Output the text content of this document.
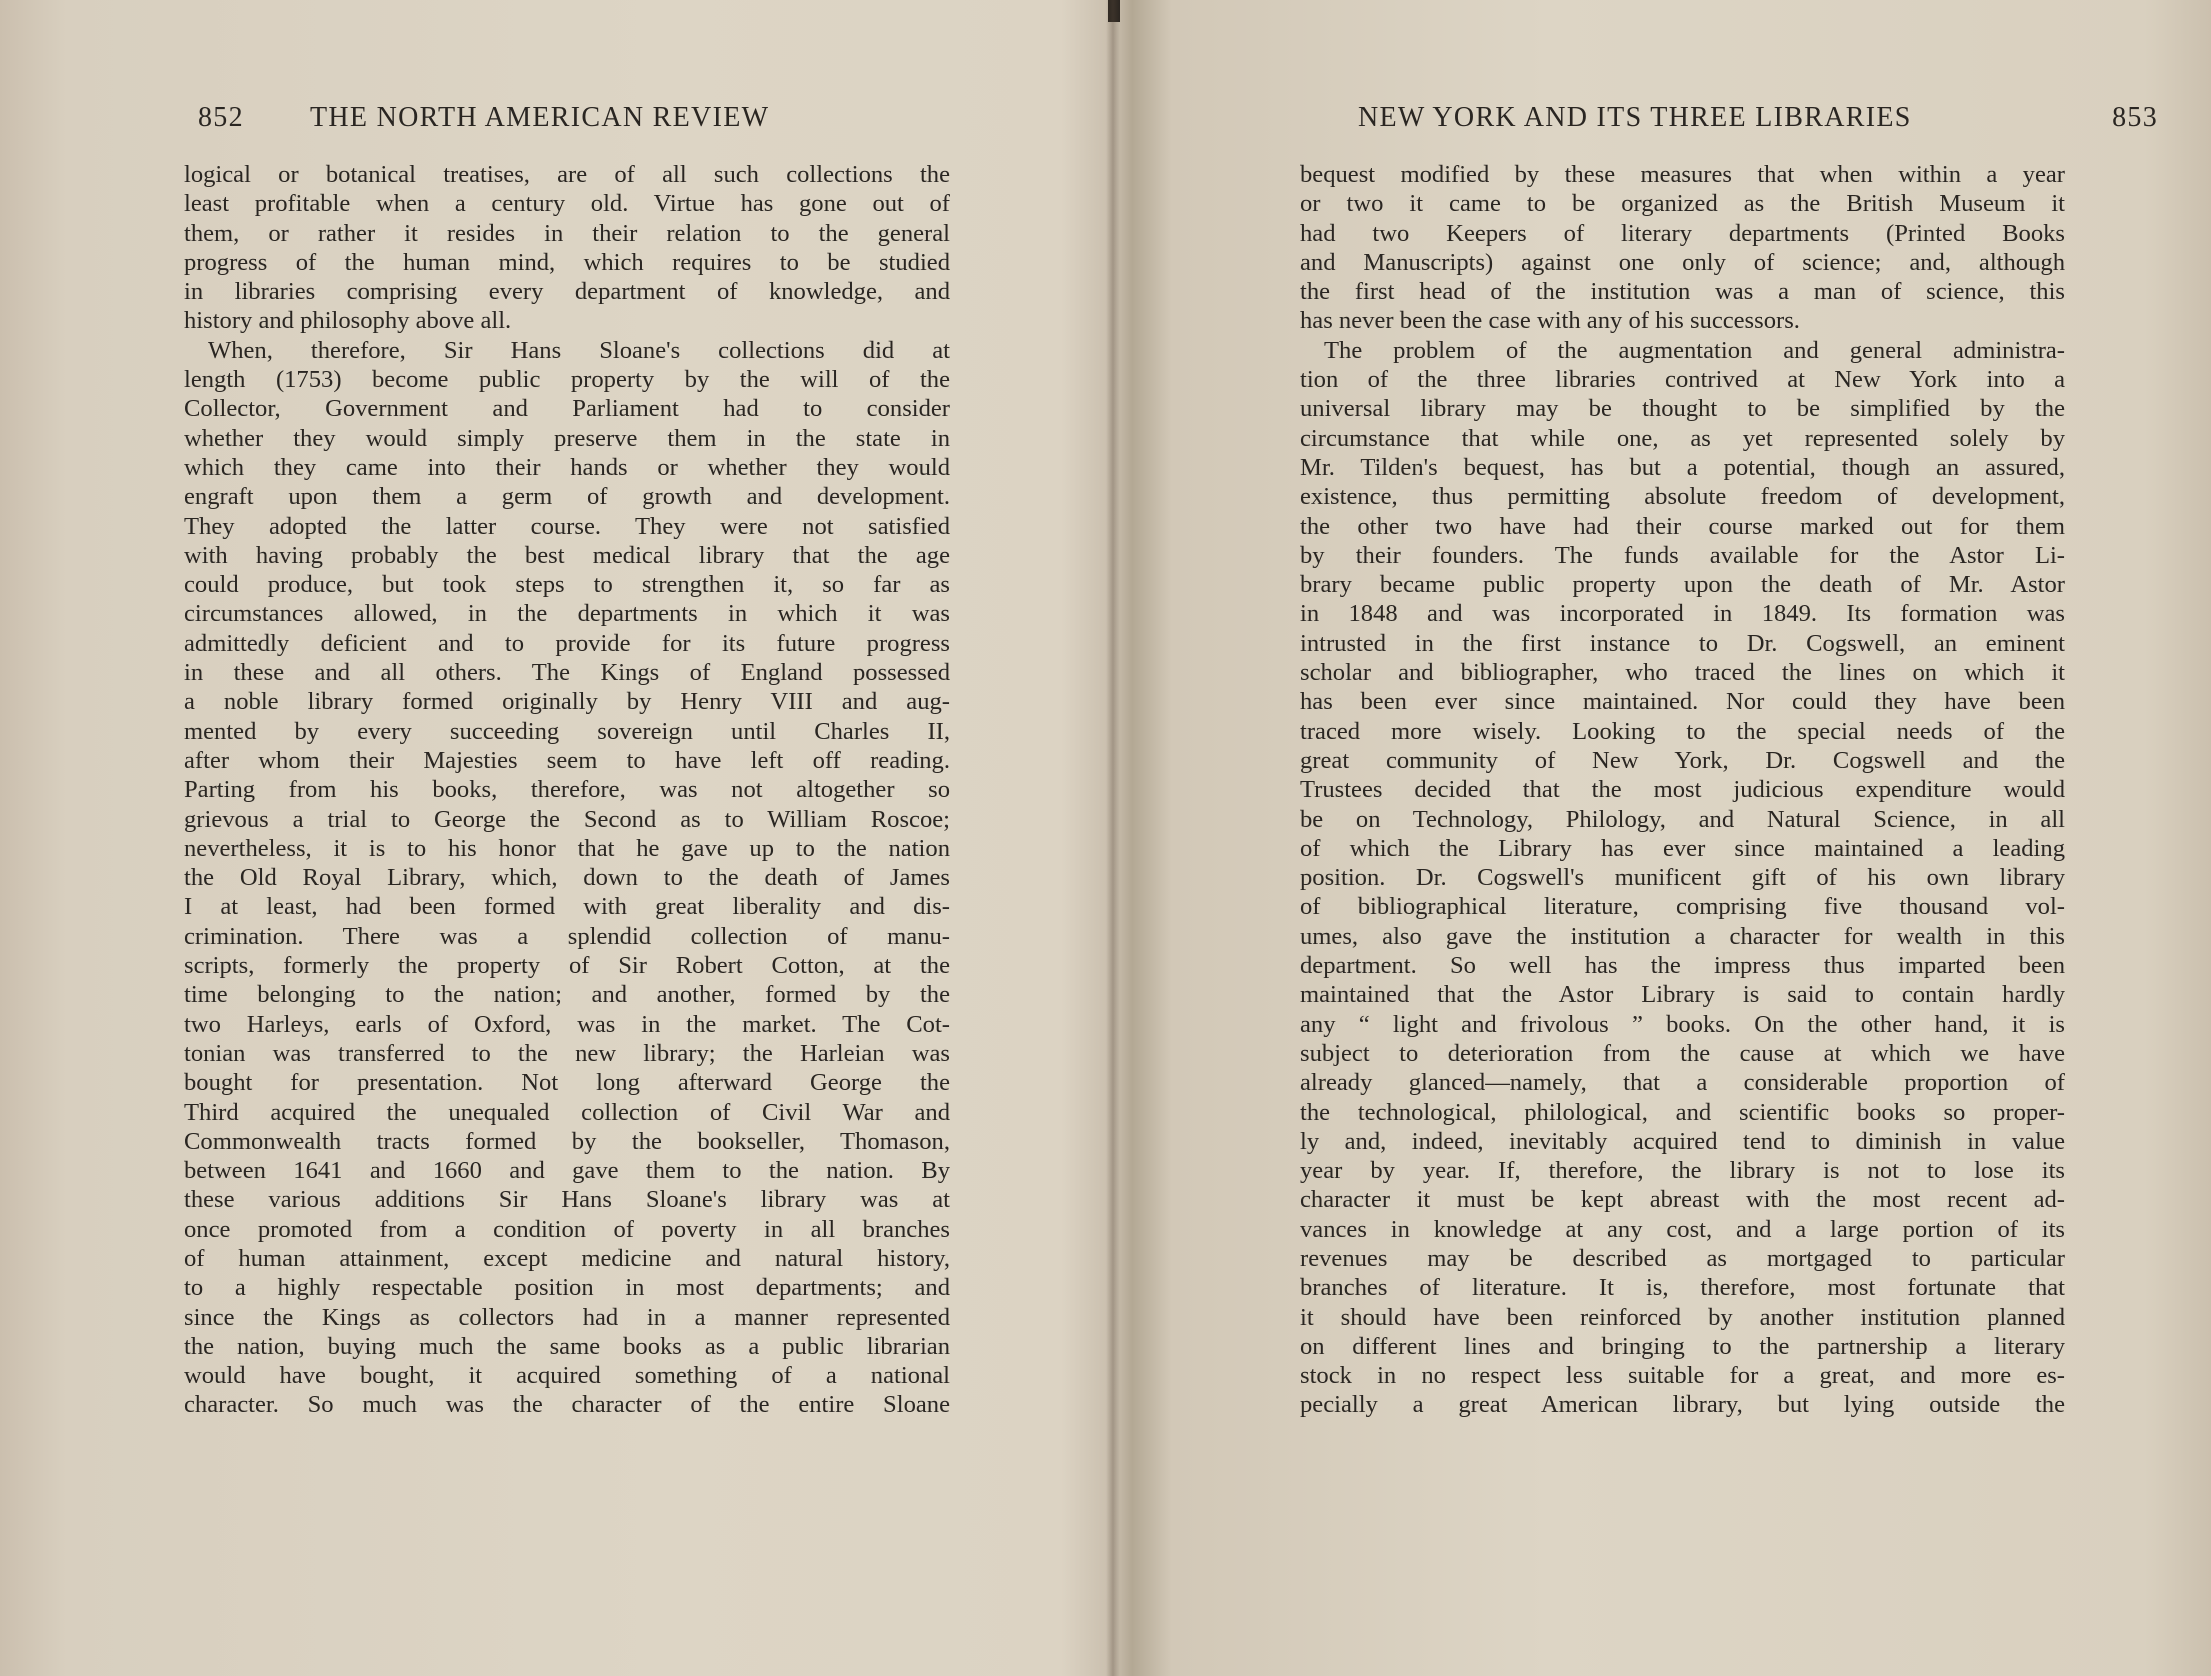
852 THE NORTH AMERICAN REVIEW
logical or botanical treatises, are of all such collections the
least profitable when a century old. Virtue has gone out of
them, or rather it resides in their relation to the general
progress of the human mind, which requires to be studied
in libraries comprising every department of knowledge, and
history and philosophy above all.
When, therefore, Sir Hans Sloane's collections did at
length (1753) become public property by the will of the
Collector, Government and Parliament had to consider
whether they would simply preserve them in the state in
which they came into their hands or whether they would
engraft upon them a germ of growth and development.
They adopted the latter course. They were not satisfied
with having probably the best medical library that the age
could produce, but took steps to strengthen it, so far as
circumstances allowed, in the departments in which it was
admittedly deficient and to provide for its future progress
in these and all others. The Kings of England possessed
a noble library formed originally by Henry VIII and aug-
mented by every succeeding sovereign until Charles II,
after whom their Majesties seem to have left off reading.
Parting from his books, therefore, was not altogether so
grievous a trial to George the Second as to William Roscoe;
nevertheless, it is to his honor that he gave up to the nation
the Old Royal Library, which, down to the death of James
I at least, had been formed with great liberality and dis-
crimination. There was a splendid collection of manu-
scripts, formerly the property of Sir Robert Cotton, at the
time belonging to the nation; and another, formed by the
two Harleys, earls of Oxford, was in the market. The Cot-
tonian was transferred to the new library; the Harleian was
bought for presentation. Not long afterward George the
Third acquired the unequaled collection of Civil War and
Commonwealth tracts formed by the bookseller, Thomason,
between 1641 and 1660 and gave them to the nation. By
these various additions Sir Hans Sloane's library was at
once promoted from a condition of poverty in all branches
of human attainment, except medicine and natural history,
to a highly respectable position in most departments; and
since the Kings as collectors had in a manner represented
the nation, buying much the same books as a public librarian
would have bought, it acquired something of a national
character. So much was the character of the entire Sloane
NEW YORK AND ITS THREE LIBRARIES	853
bequest modified by these measures that when within a year
or two it came to be organized as the British Museum it
had two Keepers of literary departments (Printed Books
and Manuscripts) against one only of science; and, although
the first head of the institution was a man of science, this
has never been the case with any of his successors.
The problem of the augmentation and general administra-
tion of the three libraries contrived at New York into a
universal library may be thought to be simplified by the
circumstance that while one, as yet represented solely by
Mr. Tilden's bequest, has but a potential, though an assured,
existence, thus permitting absolute freedom of development,
the other two have had their course marked out for them
by their founders. The funds available for the Astor Li-
brary became public property upon the death of Mr. Astor
in 1848 and was incorporated in 1849. Its formation was
intrusted in the first instance to Dr. Cogswell, an eminent
scholar and bibliographer, who traced the lines on which it
has been ever since maintained. Nor could they have been
traced more wisely. Looking to the special needs of the
great community of New York, Dr. Cogswell and the
Trustees decided that the most judicious expenditure would
be on Technology, Philology, and Natural Science, in all
of which the Library has ever since maintained a leading
position. Dr. Cogswell's munificent gift of his own library
of bibliographical literature, comprising five thousand vol-
umes, also gave the institution a character for wealth in this
department. So well has the impress thus imparted been
maintained that the Astor Library is said to contain hardly
any “ light and frivolous ” books. On the other hand, it is
subject to deterioration from the cause at which we have
already glanced—namely, that a considerable proportion of
the technological, philological, and scientific books so proper-
ly and, indeed, inevitably acquired tend to diminish in value
year by year. If, therefore, the library is not to lose its
character it must be kept abreast with the most recent ad-
vances in knowledge at any cost, and a large portion of its
revenues may be described as mortgaged to particular
branches of literature. It is, therefore, most fortunate that
it should have been reinforced by another institution planned
on different lines and bringing to the partnership a literary
stock in no respect less suitable for a great, and more es-
pecially a great American library, but lying outside the
